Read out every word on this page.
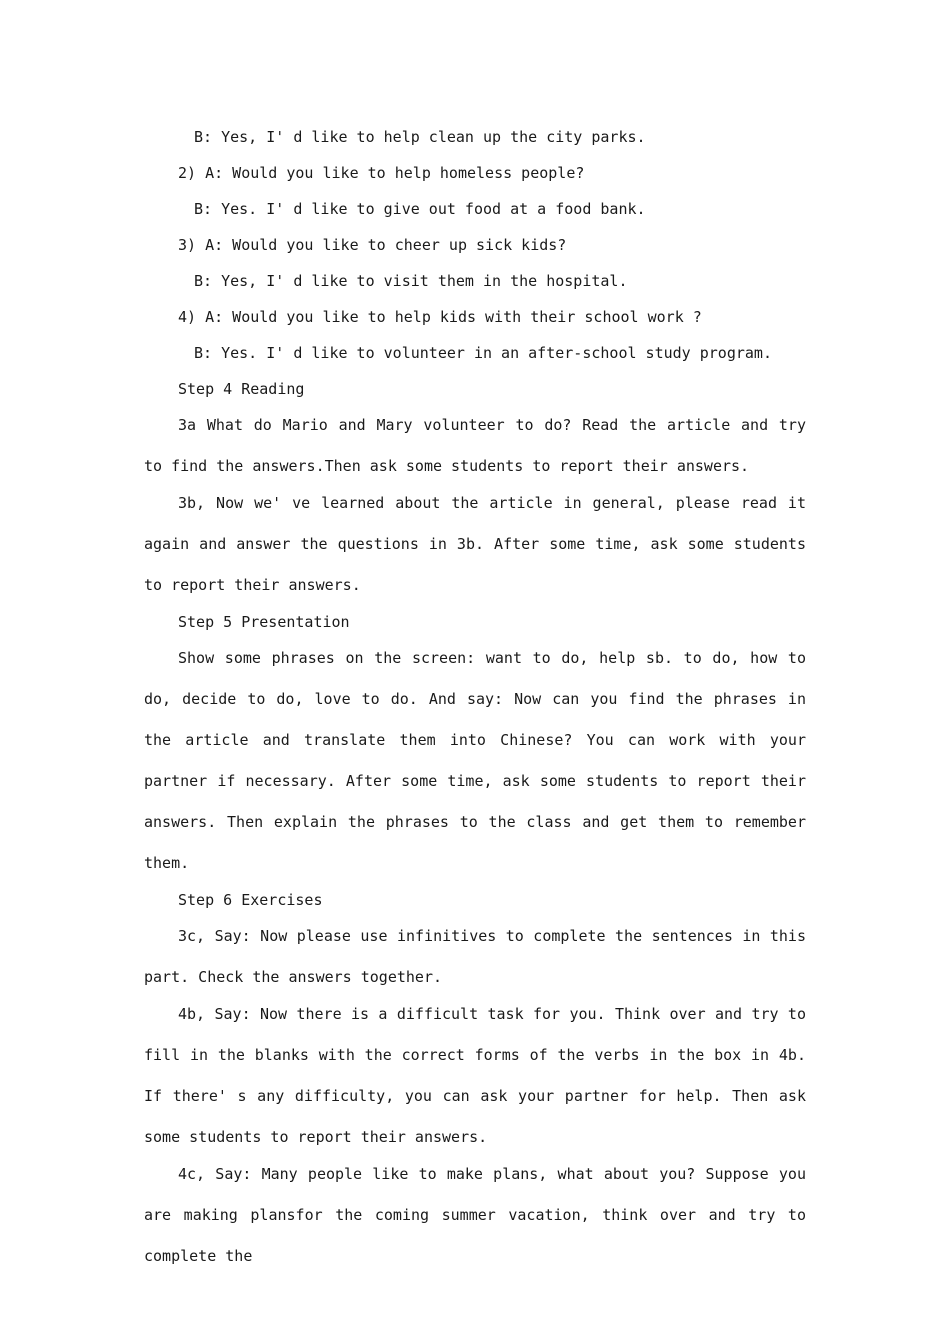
B: Yes, I' d like to help clean up the city parks.
2) A: Would you like to help homeless people?
B: Yes. I' d like to give out food at a food bank.
3) A: Would you like to cheer up sick kids?
B: Yes, I' d like to visit them in the hospital.
4) A: Would you like to help kids with their school work ?
B: Yes. I' d like to volunteer in an after-school study program.
Step 4 Reading

3a What do Mario and Mary volunteer to do? Read the article and try to find the answers.Then ask some students to report their answers.

3b, Now we' ve learned about the article in general, please read it again and answer the questions in 3b. After some time, ask some students to report their answers.

Step 5 Presentation

Show some phrases on the screen: want to do, help sb. to do, how to do, decide to do, love to do. And say: Now can you find the phrases in the article and translate them into Chinese? You can work with your partner if necessary. After some time, ask some students to report their answers. Then explain the phrases to the class and get them to remember them.

Step 6 Exercises

3c, Say: Now please use infinitives to complete the sentences in this part. Check the answers together.

4b, Say: Now there is a difficult task for you. Think over and try to fill in the blanks with the correct forms of the verbs in the box in 4b. If there' s any difficulty, you can ask your partner for help. Then ask some students to report their answers.

4c, Say: Many people like to make plans, what about you? Suppose you are making plansfor the coming summer vacation, think over and try to complete the
